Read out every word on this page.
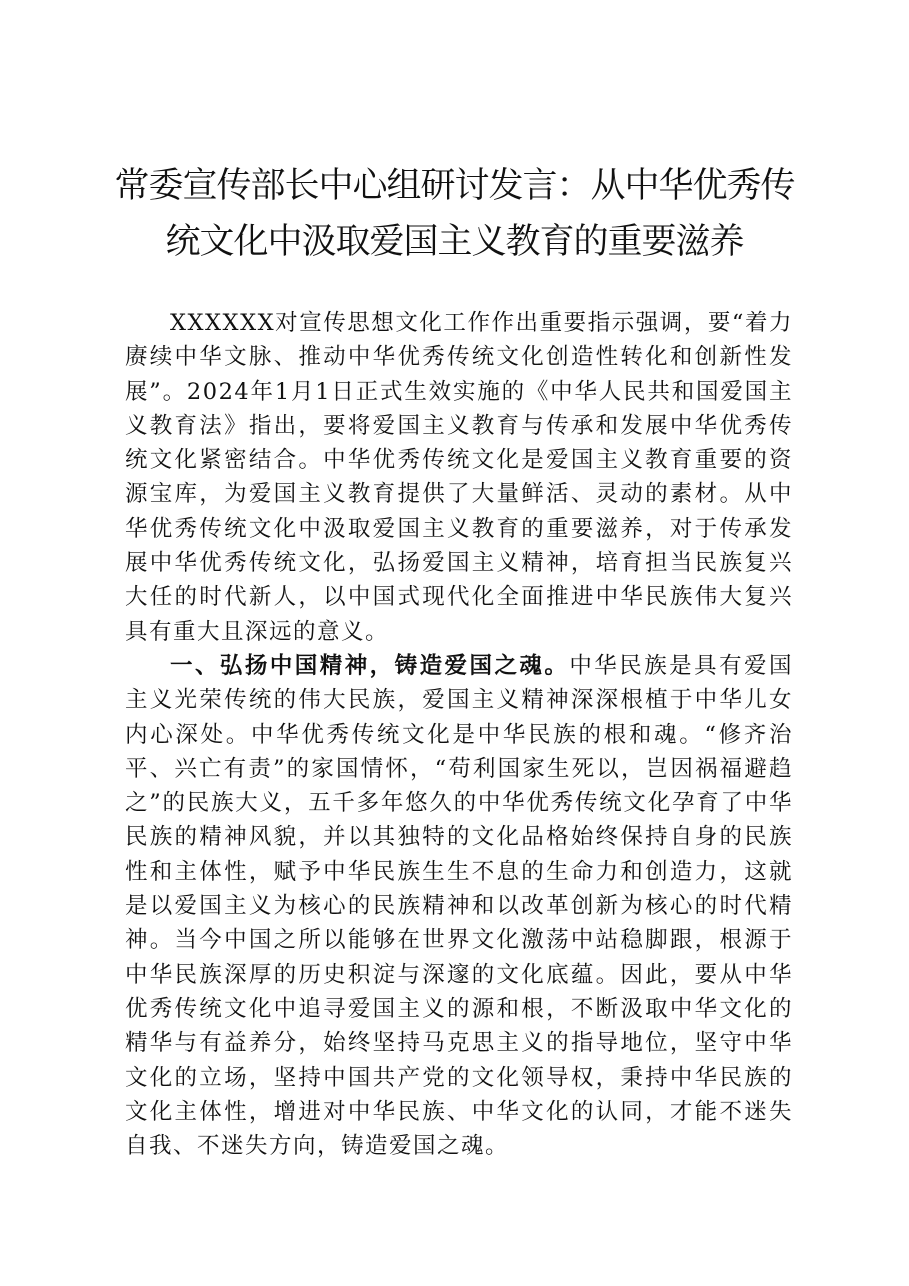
常委宣传部长中心组研讨发言：从中华优秀传
统文化中汲取爱国主义教育的重要滋养

XXXXXX对宣传思想文化工作作出重要指示强调，要“着力赓续中华文脉、推动中华优秀传统文化创造性转化和创新性发展”。2024年1月1日正式生效实施的《中华人民共和国爱国主义教育法》指出，要将爱国主义教育与传承和发展中华优秀传统文化紧密结合。中华优秀传统文化是爱国主义教育重要的资源宝库，为爱国主义教育提供了大量鲜活、灵动的素材。从中华优秀传统文化中汲取爱国主义教育的重要滋养，对于传承发展中华优秀传统文化，弘扬爱国主义精神，培育担当民族复兴大任的时代新人，以中国式现代化全面推进中华民族伟大复兴具有重大且深远的意义。

一、弘扬中国精神，铸造爱国之魂。中华民族是具有爱国主义光荣传统的伟大民族，爱国主义精神深深根植于中华儿女内心深处。中华优秀传统文化是中华民族的根和魂。“修齐治平、兴亡有责”的家国情怀，“苟利国家生死以，岂因祸福避趋之”的民族大义，五千多年悠久的中华优秀传统文化孕育了中华民族的精神风貌，并以其独特的文化品格始终保持自身的民族性和主体性，赋予中华民族生生不息的生命力和创造力，这就是以爱国主义为核心的民族精神和以改革创新为核心的时代精神。当今中国之所以能够在世界文化激荡中站稳脚跟，根源于中华民族深厚的历史积淀与深邃的文化底蕴。因此，要从中华优秀传统文化中追寻爱国主义的源和根，不断汲取中华文化的精华与有益养分，始终坚持马克思主义的指导地位，坚守中华文化的立场，坚持中国共产党的文化领导权，秉持中华民族的文化主体性，增进对中华民族、中华文化的认同，才能不迷失自我、不迷失方向，铸造爱国之魂。
